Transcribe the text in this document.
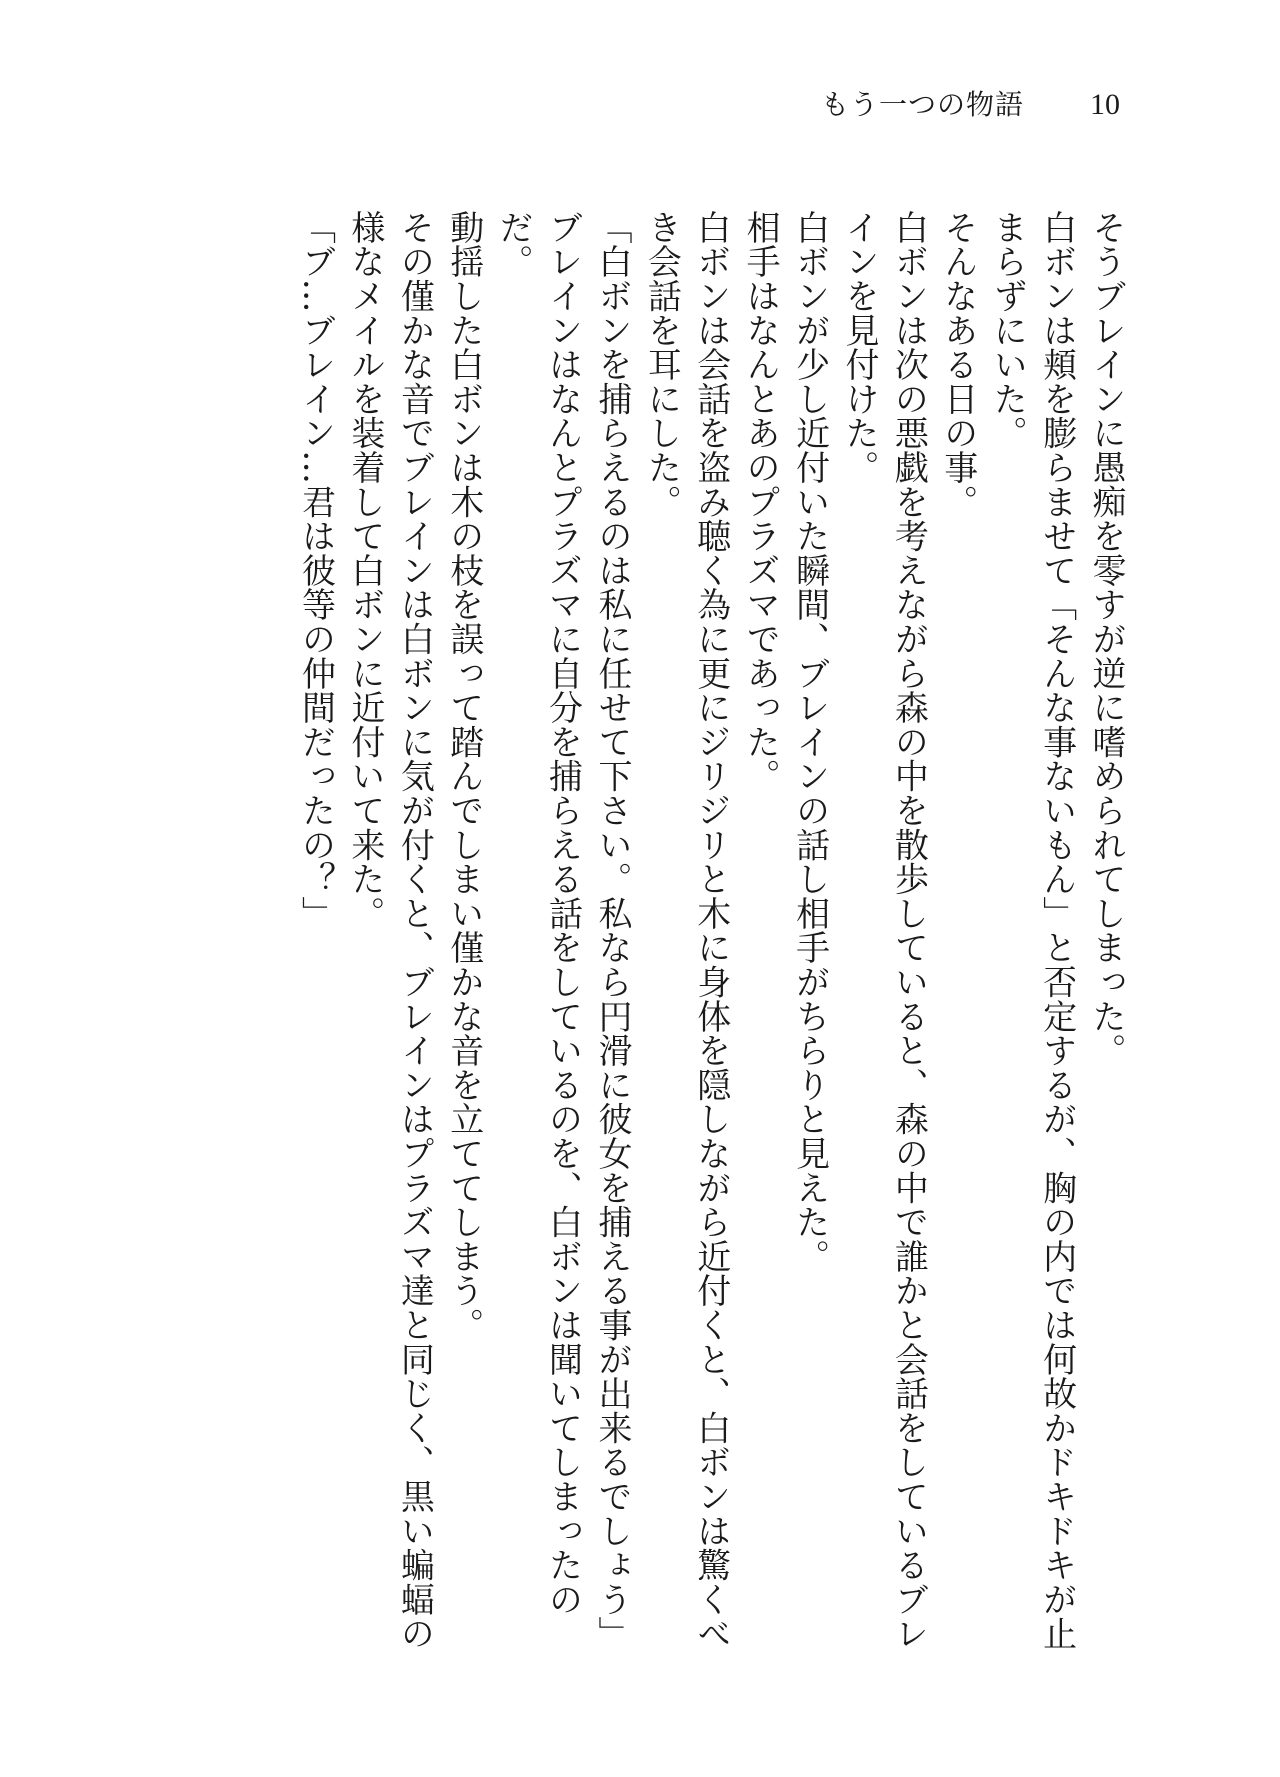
もう一つの物語 10

そうブレインに愚痴を零すが逆に嗜められてしまった。

白ボンは頬を膨らませて「そんな事ないもん」と否定するが、胸の内では何故かドキドキが止まらずにいた。

そんなある日の事。

白ボンは次の悪戯を考えながら森の中を散歩していると、森の中で誰かと会話をしているブレインを見付けた。

白ボンが少し近付いた瞬間、ブレインの話し相手がちらりと見えた。

相手はなんとあのプラズマであった。

白ボンは会話を盗み聴く為に更にジリジリと木に身体を隠しながら近付くと、白ボンは驚くべき会話を耳にした。

「白ボンを捕らえるのは私に任せて下さい。私なら円滑に彼女を捕える事が出来るでしょう」

ブレインはなんとプラズマに自分を捕らえる話をしているのを、白ボンは聞いてしまったのだ。

動揺した白ボンは木の枝を誤って踏んでしまい僅かな音を立ててしまう。

その僅かな音でブレインは白ボンに気が付くと、ブレインはプラズマ達と同じく、黒い蝙蝠の様なメイルを装着して白ボンに近付いて来た。

「ブ…ブレイン…君は彼等の仲間だったの？」
